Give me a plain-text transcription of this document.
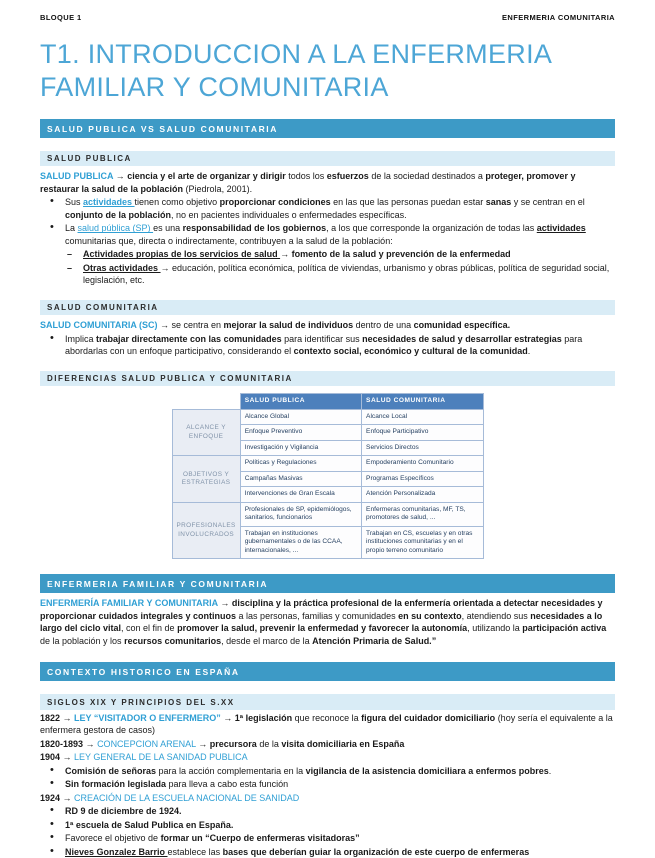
BLOQUE 1	ENFERMERIA COMUNITARIA
T1. INTRODUCCION A LA ENFERMERIA FAMILIAR Y COMUNITARIA
SALUD PUBLICA VS SALUD COMUNITARIA
SALUD PUBLICA

SALUD PUBLICA → ciencia y el arte de organizar y dirigir todos los esfuerzos de la sociedad destinados a proteger, promover y restaurar la salud de la población (Piedrola, 2001).

• Sus actividades tienen como objetivo proporcionar condiciones en las que las personas puedan estar sanas y se centran en el conjunto de la población, no en pacientes individuales o enfermedades específicas.
• La salud pública (SP) es una responsabilidad de los gobiernos, a los que corresponde la organización de todas las actividades comunitarias que, directa o indirectamente, contribuyen a la salud de la población:
– Actividades propias de los servicios de salud → fomento de la salud y prevención de la enfermedad
– Otras actividades → educación, política económica, política de viviendas, urbanismo y obras públicas, política de seguridad social, legislación, etc.
SALUD COMUNITARIA

SALUD COMUNITARIA (SC) → se centra en mejorar la salud de individuos dentro de una comunidad específica.

• Implica trabajar directamente con las comunidades para identificar sus necesidades de salud y desarrollar estrategias para abordarlas con un enfoque participativo, considerando el contexto social, económico y cultural de la comunidad.
DIFERENCIAS SALUD PUBLICA Y COMUNITARIA
	SALUD PUBLICA	SALUD COMUNITARIA
ALCANCE Y ENFOQUE	Alcance Global	Alcance Local
	Enfoque Preventivo	Enfoque Participativo
	Investigación y Vigilancia	Servicios Directos
OBJETIVOS Y ESTRATEGIAS	Políticas y Regulaciones	Empoderamiento Comunitario
	Campañas Masivas	Programas Específicos
	Intervenciones de Gran Escala	Atención Personalizada
PROFESIONALES INVOLUCRADOS	Profesionales de SP, epidemiólogos, sanitarios, funcionarios	Enfermeras comunitarias, MF, TS, promotores de salud, ...
	Trabajan en instituciones gubernamentales o de las CCAA, internacionales, ...	Trabajan en CS, escuelas y en otras instituciones comunitarias y en el propio terreno comunitario
ENFERMERIA FAMILIAR Y COMUNITARIA

ENFERMERÍA FAMILIAR Y COMUNITARIA → disciplina y la práctica profesional de la enfermería orientada a detectar necesidades y proporcionar cuidados integrales y continuos a las personas, familias y comunidades en su contexto, atendiendo sus necesidades a lo largo del ciclo vital, con el fin de promover la salud, prevenir la enfermedad y favorecer la autonomía, utilizando la participación activa de la población y los recursos comunitarios, desde el marco de la Atención Primaria de Salud.”

CONTEXTO HISTORICO EN ESPAÑA
SIGLOS XIX Y PRINCIPIOS DEL S.XX

1822 → LEY “VISITADOR O ENFERMERO” → 1ª legislación que reconoce la figura del cuidador domiciliario (hoy sería el equivalente a la enfermera gestora de casos)

1820-1893 → CONCEPCION ARENAL → precursora de la visita domiciliaria en España

1904 → LEY GENERAL DE LA SANIDAD PUBLICA

• Comisión de señoras para la acción complementaria en la vigilancia de la asistencia domiciliara a enfermos pobres.
• Sin formación legislada para lleva a cabo esta función

1924 → CREACIÓN DE LA ESCUELA NACIONAL DE SANIDAD

• RD 9 de diciembre de 1924.
• 1ª escuela de Salud Publica en España.
• Favorece el objetivo de formar un “Cuerpo de enfermeras visitadoras”
• Nieves Gonzalez Barrio establece las bases que deberían guiar la organización de este cuerpo de enfermeras
